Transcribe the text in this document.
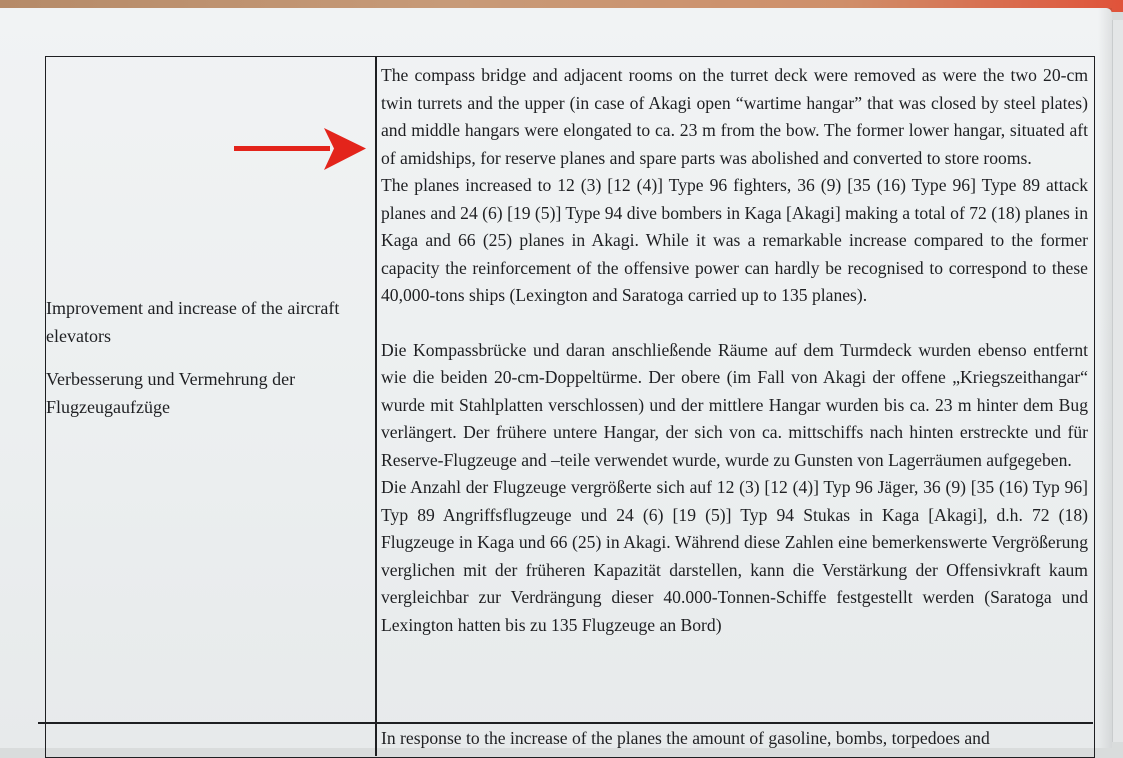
Improvement and increase of the aircraft elevators

Verbesserung und Vermehrung der Flugzeugaufzüge

The compass bridge and adjacent rooms on the turret deck were removed as were the two 20-cm twin turrets and the upper (in case of Akagi open “wartime hangar” that was closed by steel plates) and middle hangars were elongated to ca. 23 m from the bow. The former lower hangar, situated aft of amidships, for reserve planes and spare parts was abolished and converted to store rooms.

The planes increased to 12 (3) [12 (4)] Type 96 fighters, 36 (9) [35 (16) Type 96] Type 89 attack planes and 24 (6) [19 (5)] Type 94 dive bombers in Kaga [Akagi] making a total of 72 (18) planes in Kaga and 66 (25) planes in Akagi. While it was a remarkable increase compared to the former capacity the reinforcement of the offensive power can hardly be recognised to correspond to these 40,000-tons ships (Lexington and Saratoga carried up to 135 planes).

Die Kompassbrücke und daran anschließende Räume auf dem Turmdeck wurden ebenso entfernt wie die beiden 20-cm-Doppeltürme. Der obere (im Fall von Akagi der offene „Kriegszeithangar“ wurde mit Stahlplatten verschlossen) und der mittlere Hangar wurden bis ca. 23 m hinter dem Bug verlängert. Der frühere untere Hangar, der sich von ca. mittschiffs nach hinten erstreckte und für Reserve-Flugzeuge and –teile verwendet wurde, wurde zu Gunsten von Lagerräumen aufgegeben.

Die Anzahl der Flugzeuge vergrößerte sich auf 12 (3) [12 (4)] Typ 96 Jäger, 36 (9) [35 (16) Typ 96] Typ 89 Angriffsflugzeuge und 24 (6) [19 (5)] Typ 94 Stukas in Kaga [Akagi], d.h. 72 (18) Flugzeuge in Kaga und 66 (25) in Akagi. Während diese Zahlen eine bemerkenswerte Vergrößerung verglichen mit der früheren Kapazität darstellen, kann die Verstärkung der Offensivkraft kaum vergleichbar zur Verdrängung dieser 40.000-Tonnen-Schiffe festgestellt werden (Saratoga und Lexington hatten bis zu 135 Flugzeuge an Bord)

In response to the increase of the planes the amount of gasoline, bombs, torpedoes and
